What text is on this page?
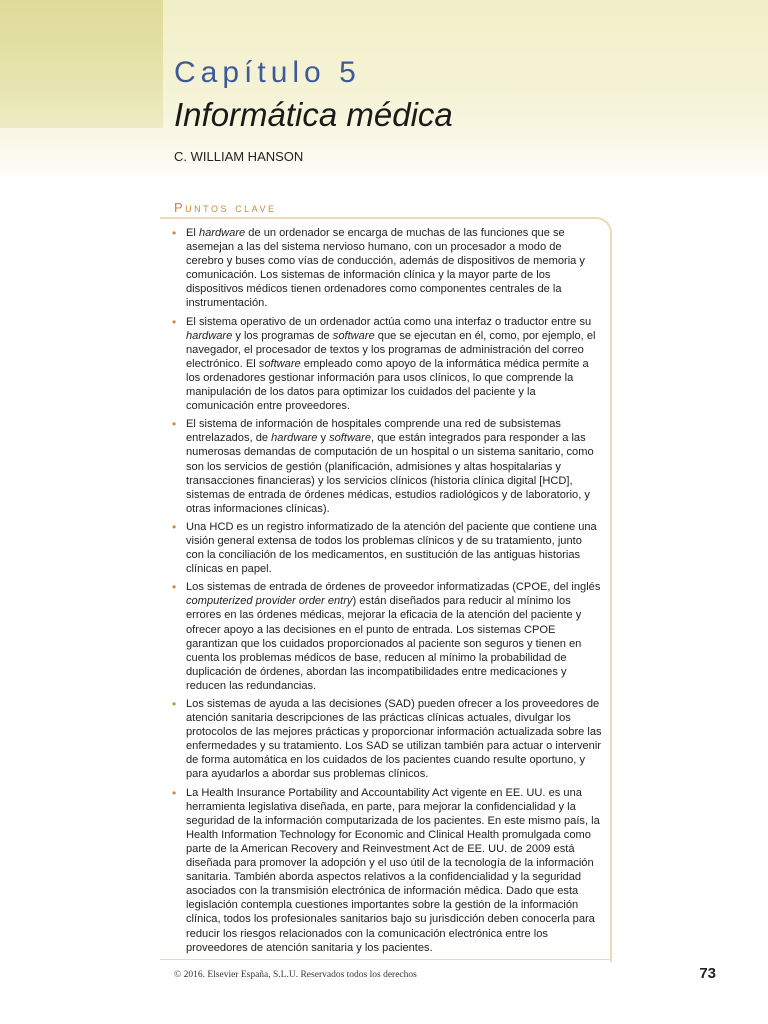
Capítulo 5
Informática médica
C. WILLIAM HANSON
Puntos clave
• El hardware de un ordenador se encarga de muchas de las funciones que se asemejan a las del sistema nervioso humano, con un procesador a modo de cerebro y buses como vías de conducción, además de dispositivos de memoria y comunicación. Los sistemas de información clínica y la mayor parte de los dispositivos médicos tienen ordenadores como componentes centrales de la instrumentación.
• El sistema operativo de un ordenador actúa como una interfaz o traductor entre su hardware y los programas de software que se ejecutan en él, como, por ejemplo, el navegador, el procesador de textos y los programas de administración del correo electrónico. El software empleado como apoyo de la informática médica permite a los ordenadores gestionar información para usos clínicos, lo que comprende la manipulación de los datos para optimizar los cuidados del paciente y la comunicación entre proveedores.
• El sistema de información de hospitales comprende una red de subsistemas entrelazados, de hardware y software, que están integrados para responder a las numerosas demandas de computación de un hospital o un sistema sanitario, como son los servicios de gestión (planificación, admisiones y altas hospitalarias y transacciones financieras) y los servicios clínicos (historia clínica digital [HCD], sistemas de entrada de órdenes médicas, estudios radiológicos y de laboratorio, y otras informaciones clínicas).
• Una HCD es un registro informatizado de la atención del paciente que contiene una visión general extensa de todos los problemas clínicos y de su tratamiento, junto con la conciliación de los medicamentos, en sustitución de las antiguas historias clínicas en papel.
• Los sistemas de entrada de órdenes de proveedor informatizadas (CPOE, del inglés computerized provider order entry) están diseñados para reducir al mínimo los errores en las órdenes médicas, mejorar la eficacia de la atención del paciente y ofrecer apoyo a las decisiones en el punto de entrada. Los sistemas CPOE garantizan que los cuidados proporcionados al paciente son seguros y tienen en cuenta los problemas médicos de base, reducen al mínimo la probabilidad de duplicación de órdenes, abordan las incompatibilidades entre medicaciones y reducen las redundancias.
• Los sistemas de ayuda a las decisiones (SAD) pueden ofrecer a los proveedores de atención sanitaria descripciones de las prácticas clínicas actuales, divulgar los protocolos de las mejores prácticas y proporcionar información actualizada sobre las enfermedades y su tratamiento. Los SAD se utilizan también para actuar o intervenir de forma automática en los cuidados de los pacientes cuando resulte oportuno, y para ayudarlos a abordar sus problemas clínicos.
• La Health Insurance Portability and Accountability Act vigente en EE. UU. es una herramienta legislativa diseñada, en parte, para mejorar la confidencialidad y la seguridad de la información computarizada de los pacientes. En este mismo país, la Health Information Technology for Economic and Clinical Health promulgada como parte de la American Recovery and Reinvestment Act de EE. UU. de 2009 está diseñada para promover la adopción y el uso útil de la tecnología de la información sanitaria. También aborda aspectos relativos a la confidencialidad y la seguridad asociados con la transmisión electrónica de información médica. Dado que esta legislación contempla cuestiones importantes sobre la gestión de la información clínica, todos los profesionales sanitarios bajo su jurisdicción deben conocerla para reducir los riesgos relacionados con la comunicación electrónica entre los proveedores de atención sanitaria y los pacientes.
© 2016. Elsevier España, S.L.U. Reservados todos los derechos	73
